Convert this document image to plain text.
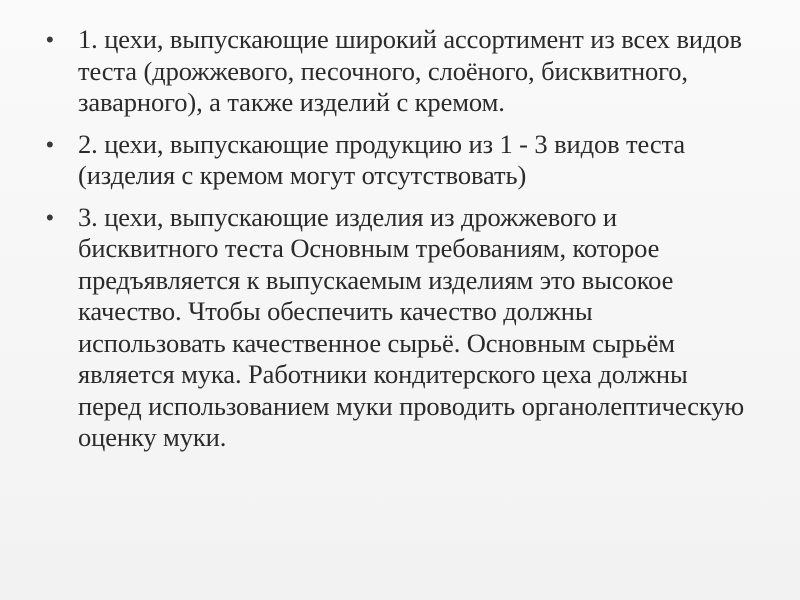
• 1. цехи, выпускающие широкий ассортимент из всех видов теста (дрожжевого, песочного, слоёного, бисквитного, заварного), а также изделий с кремом.
• 2. цехи, выпускающие продукцию из 1 - 3 видов теста (изделия с кремом могут отсутствовать)
• 3. цехи, выпускающие изделия из дрожжевого и бисквитного теста Основным требованиям, которое предъявляется к выпускаемым изделиям это высокое качество. Чтобы обеспечить качество должны использовать качественное сырьё. Основным сырьём является мука. Работники кондитерского цеха должны перед использованием муки проводить органолептическую оценку муки.
